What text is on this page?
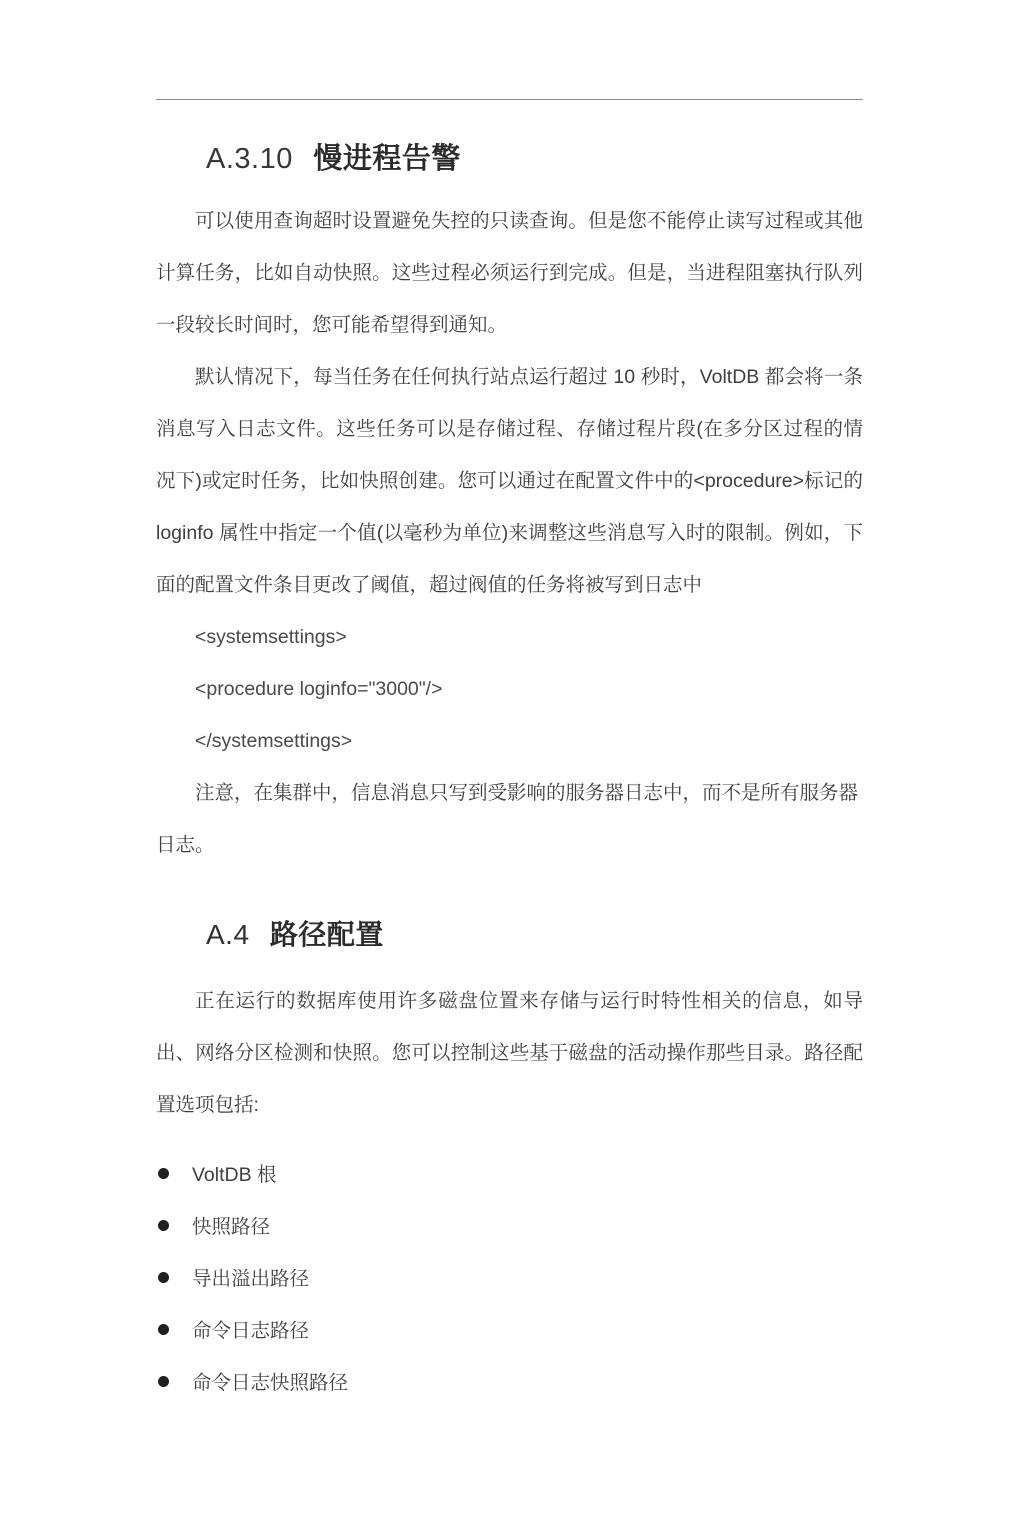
A.3.10 慢进程告警

可以使用查询超时设置避免失控的只读查询。但是您不能停止读写过程或其他计算任务，比如自动快照。这些过程必须运行到完成。但是，当进程阻塞执行队列一段较长时间时，您可能希望得到通知。

默认情况下，每当任务在任何执行站点运行超过 10 秒时，VoltDB 都会将一条消息写入日志文件。这些任务可以是存储过程、存储过程片段(在多分区过程的情况下)或定时任务，比如快照创建。您可以通过在配置文件中的<procedure>标记的 loginfo 属性中指定一个值(以毫秒为单位)来调整这些消息写入时的限制。例如，下面的配置文件条目更改了阈值，超过阀值的任务将被写到日志中

<systemsettings>
<procedure loginfo="3000"/>
</systemsettings>

注意，在集群中，信息消息只写到受影响的服务器日志中，而不是所有服务器日志。

A.4 路径配置

正在运行的数据库使用许多磁盘位置来存储与运行时特性相关的信息，如导出、网络分区检测和快照。您可以控制这些基于磁盘的活动操作那些目录。路径配置选项包括:

VoltDB 根
快照路径
导出溢出路径
命令日志路径
命令日志快照路径
